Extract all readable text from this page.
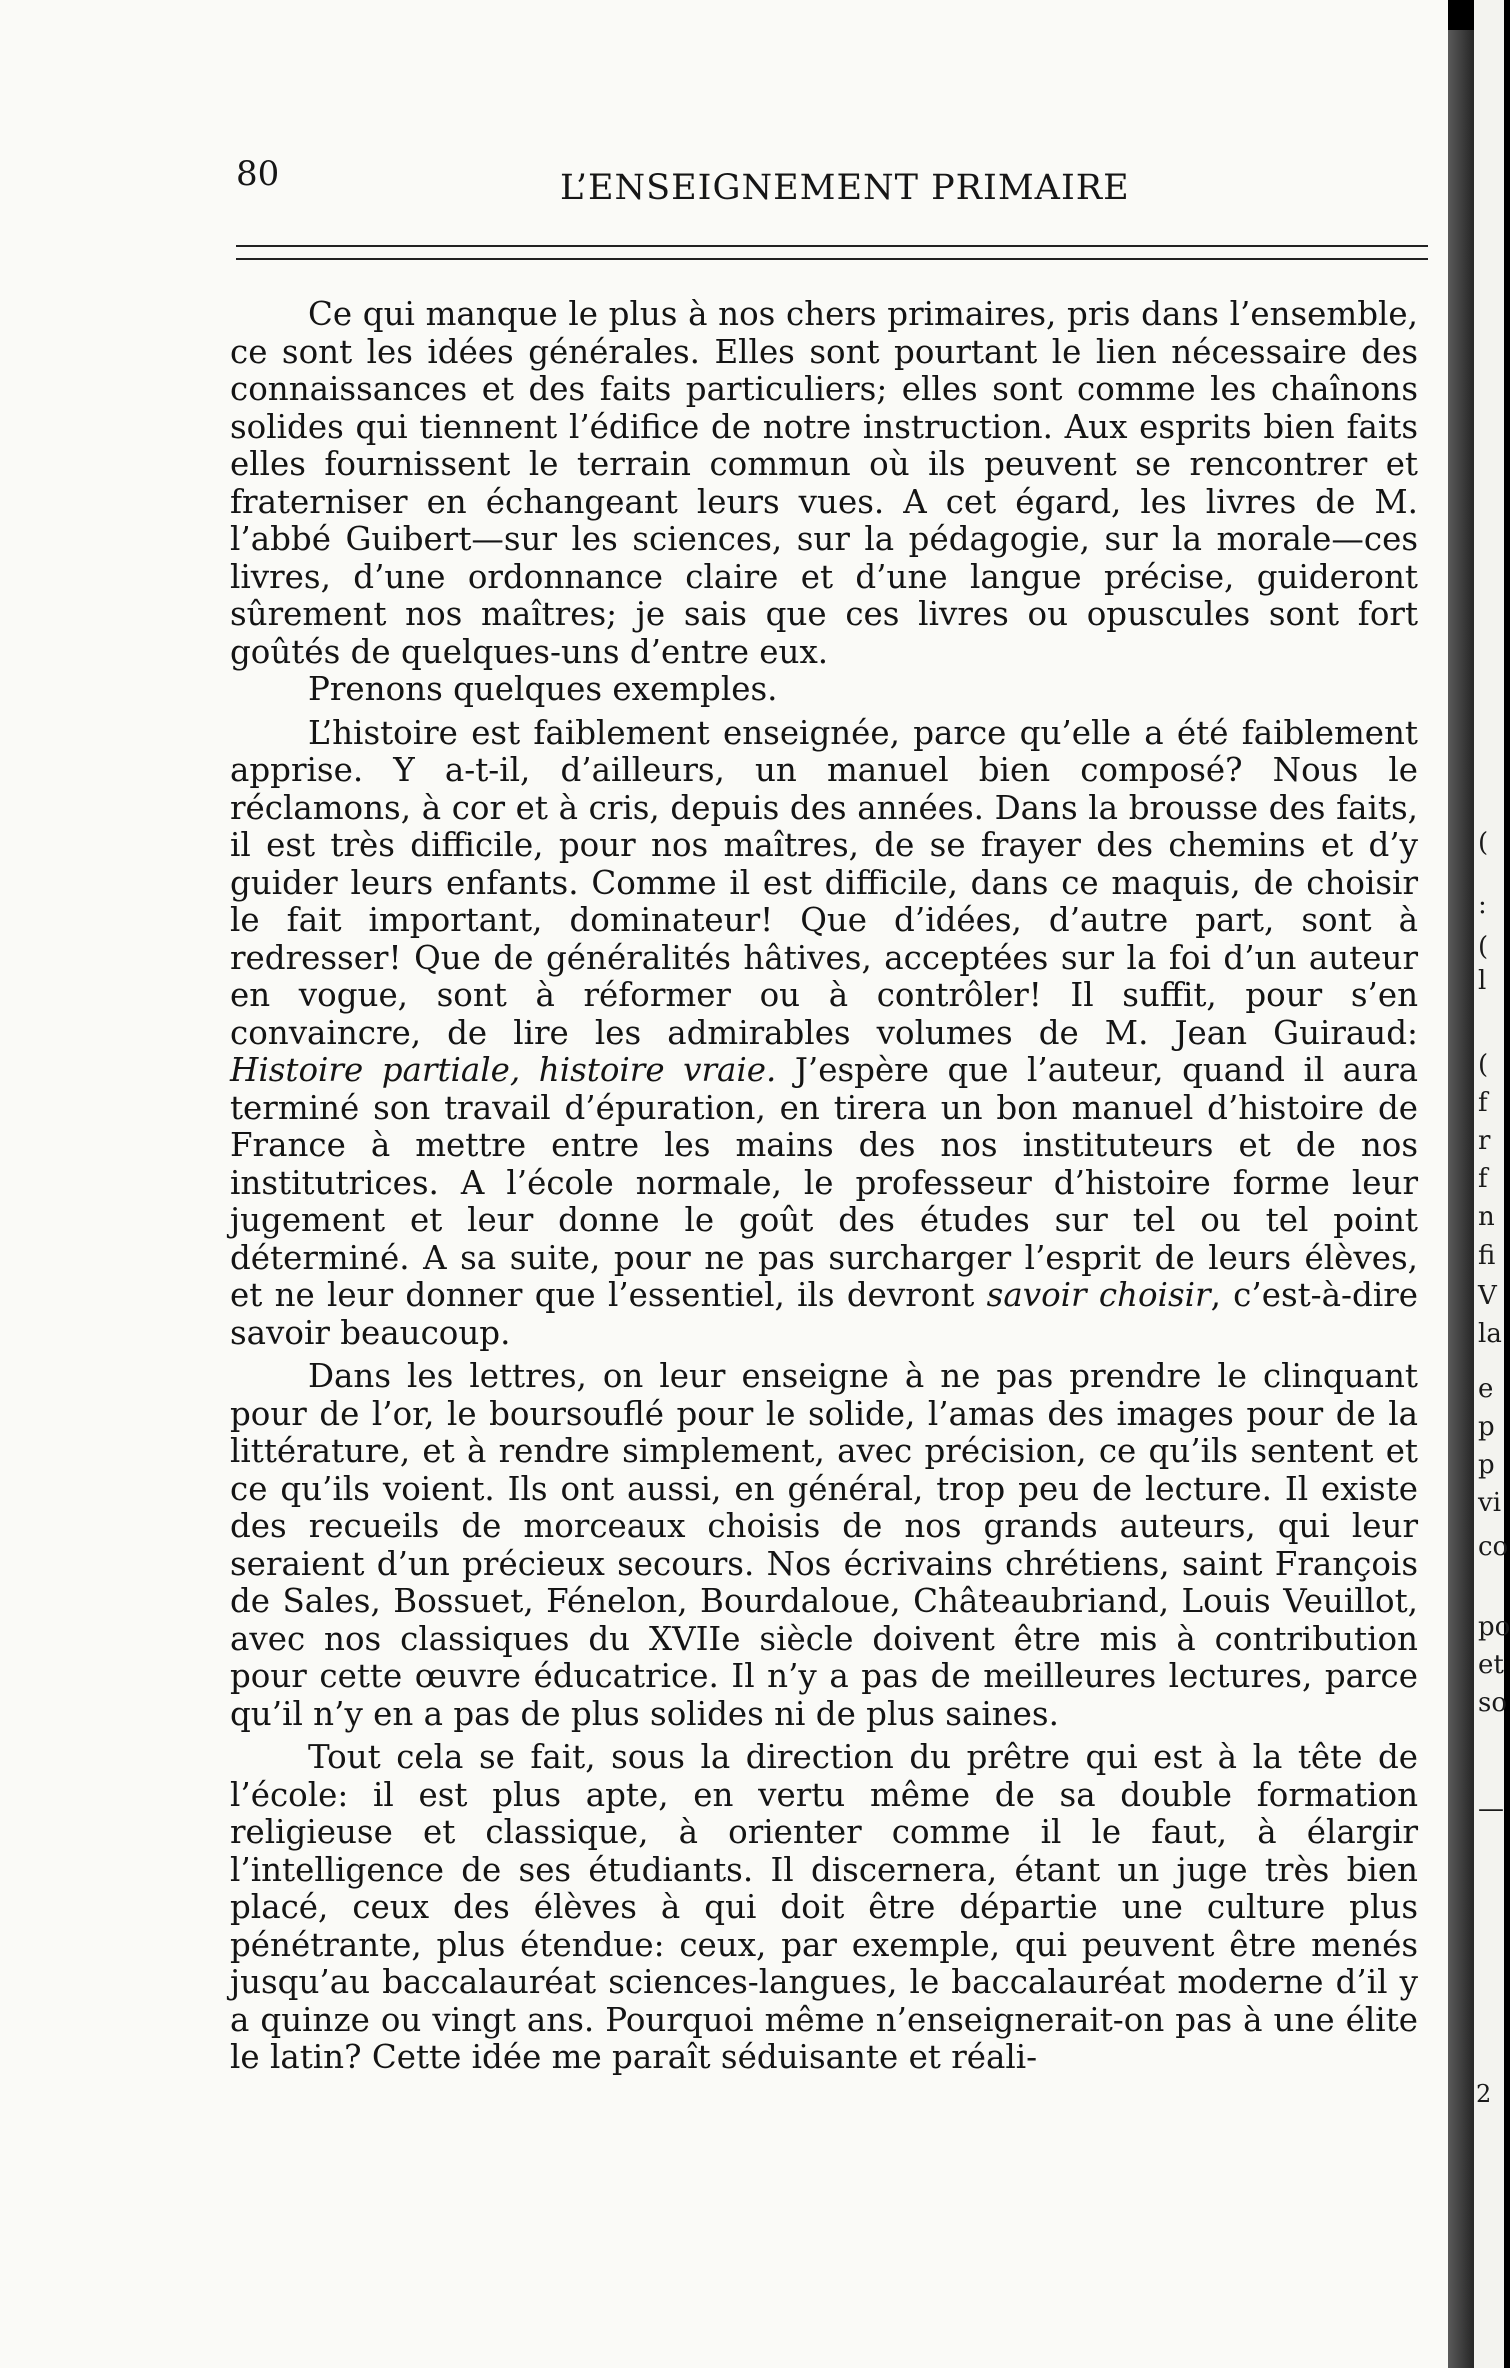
80	L’ENSEIGNEMENT PRIMAIRE

Ce qui manque le plus à nos chers primaires, pris dans l’ensemble, ce sont les idées générales. Elles sont pourtant le lien nécessaire des connaissances et des faits particuliers; elles sont comme les chaînons solides qui tiennent l’édifice de notre instruction. Aux esprits bien faits elles fournissent le terrain commun où ils peuvent se rencontrer et fraterniser en échangeant leurs vues. A cet égard, les livres de M. l’abbé Guibert—sur les sciences, sur la pédagogie, sur la morale—ces livres, d’une ordonnance claire et d’une langue précise, guideront sûrement nos maîtres; je sais que ces livres ou opuscules sont fort goûtés de quelques-uns d’entre eux.

Prenons quelques exemples.

L’histoire est faiblement enseignée, parce qu’elle a été faiblement apprise. Y a-t-il, d’ailleurs, un manuel bien composé? Nous le réclamons, à cor et à cris, depuis des années. Dans la brousse des faits, il est très difficile, pour nos maîtres, de se frayer des chemins et d’y guider leurs enfants. Comme il est difficile, dans ce maquis, de choisir le fait important, dominateur! Que d’idées, d’autre part, sont à redresser! Que de généralités hâtives, acceptées sur la foi d’un auteur en vogue, sont à réformer ou à contrôler! Il suffit, pour s’en convaincre, de lire les admirables volumes de M. Jean Guiraud: Histoire partiale, histoire vraie. J’espère que l’auteur, quand il aura terminé son travail d’épuration, en tirera un bon manuel d’histoire de France à mettre entre les mains des nos instituteurs et de nos institutrices. A l’école normale, le professeur d’histoire forme leur jugement et leur donne le goût des études sur tel ou tel point déterminé. A sa suite, pour ne pas surcharger l’esprit de leurs élèves, et ne leur donner que l’essentiel, ils devront savoir choisir, c’est-à-dire savoir beaucoup.

Dans les lettres, on leur enseigne à ne pas prendre le clinquant pour de l’or, le boursouflé pour le solide, l’amas des images pour de la littérature, et à rendre simplement, avec précision, ce qu’ils sentent et ce qu’ils voient. Ils ont aussi, en général, trop peu de lecture. Il existe des recueils de morceaux choisis de nos grands auteurs, qui leur seraient d’un précieux secours. Nos écrivains chrétiens, saint François de Sales, Bossuet, Fénelon, Bourdaloue, Châteaubriand, Louis Veuillot, avec nos classiques du XVIIe siècle doivent être mis à contribution pour cette œuvre éducatrice. Il n’y a pas de meilleures lectures, parce qu’il n’y en a pas de plus solides ni de plus saines.

Tout cela se fait, sous la direction du prêtre qui est à la tête de l’école: il est plus apte, en vertu même de sa double formation religieuse et classique, à orienter comme il le faut, à élargir l’intelligence de ses étudiants. Il discernera, étant un juge très bien placé, ceux des élèves à qui doit être départie une culture plus pénétrante, plus étendue: ceux, par exemple, qui peuvent être menés jusqu’au baccalauréat sciences-langues, le baccalauréat moderne d’il y a quinze ou vingt ans. Pourquoi même n’enseignerait-on pas à une élite le latin? Cette idée me paraît séduisante et réali-

(
:
(
l
(
f
r
f
n
fi
V
la
e
p
p
vi
co
po
et
so
—
2
